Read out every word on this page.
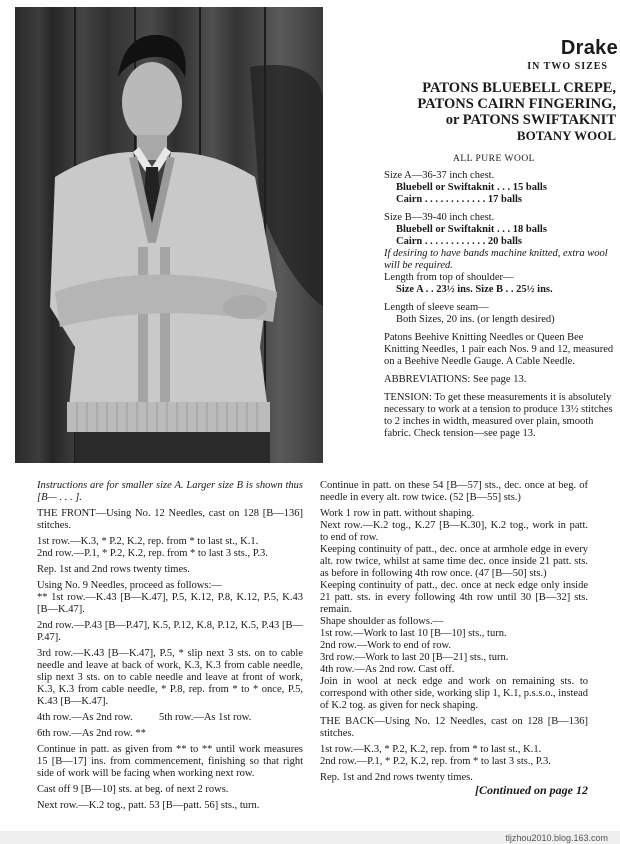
Drake
IN TWO SIZES
PATONS BLUEBELL CREPE,
PATONS CAIRN FINGERING,
or PATONS SWIFTAKNIT
BOTANY WOOL
ALL PURE WOOL

Size A—36-37 inch chest.

Bluebell or Swiftaknit . . . 15 balls

Cairn . . . . . . . . . . . . 17 balls

Size B—39-40 inch chest.

Bluebell or Swiftaknit . . . 18 balls

Cairn . . . . . . . . . . . . 20 balls

If desiring to have bands machine knitted, extra wool will be required.

Length from top of shoulder—

Size A . . 23½ ins. Size B . . 25½ ins.

Length of sleeve seam—

Both Sizes, 20 ins. (or length desired)

Patons Beehive Knitting Needles or Queen Bee Knitting Needles, 1 pair each Nos. 9 and 12, measured on a Beehive Needle Gauge. A Cable Needle.

ABBREVIATIONS: See page 13.

TENSION: To get these measurements it is absolutely necessary to work at a tension to produce 13½ stitches to 2 inches in width, measured over plain, smooth fabric. Check tension—see page 13.

Instructions are for smaller size A. Larger size B is shown thus [B— . . . ].

THE FRONT—Using No. 12 Needles, cast on 128 [B—136] stitches.

1st row.—K.3, * P.2, K.2, rep. from * to last st., K.1.

2nd row.—P.1, * P.2, K.2, rep. from * to last 3 sts., P.3.

Rep. 1st and 2nd rows twenty times.

Using No. 9 Needles, proceed as follows:—

** 1st row.—K.43 [B—K.47], P.5, K.12, P.8, K.12, P.5, K.43 [B—K.47].

2nd row.—P.43 [B—P.47], K.5, P.12, K.8, P.12, K.5, P.43 [B—P.47].

3rd row.—K.43 [B—K.47], P.5, * slip next 3 sts. on to cable needle and leave at back of work, K.3, K.3 from cable needle, slip next 3 sts. on to cable needle and leave at front of work, K.3, K.3 from cable needle, * P.8, rep. from * to * once, P.5, K.43 [B—K.47].

4th row.—As 2nd row.          5th row.—As 1st row.

6th row.—As 2nd row. **

Continue in patt. as given from ** to ** until work measures 15 [B—17] ins. from commencement, finishing so that right side of work will be facing when working next row.

Cast off 9 [B—10] sts. at beg. of next 2 rows.

Next row.—K.2 tog., patt. 53 [B—patt. 56] sts., turn.

Continue in patt. on these 54 [B—57] sts., dec. once at beg. of needle in every alt. row twice. (52 [B—55] sts.)

Work 1 row in patt. without shaping.

Next row.—K.2 tog., K.27 [B—K.30], K.2 tog., work in patt. to end of row.

Keeping continuity of patt., dec. once at armhole edge in every alt. row twice, whilst at same time dec. once inside 21 patt. sts. as before in following 4th row once. (47 [B—50] sts.)

Keeping continuity of patt., dec. once at neck edge only inside 21 patt. sts. in every following 4th row until 30 [B—32] sts. remain.

Shape shoulder as follows.—

1st row.—Work to last 10 [B—10] sts., turn.

2nd row.—Work to end of row.

3rd row.—Work to last 20 [B—21] sts., turn.

4th row.—As 2nd row. Cast off.

Join in wool at neck edge and work on remaining sts. to correspond with other side, working slip 1, K.1, p.s.s.o., instead of K.2 tog. as given for neck shaping.

THE BACK—Using No. 12 Needles, cast on 128 [B—136] stitches.

1st row.—K.3, * P.2, K.2, rep. from * to last st., K.1.

2nd row.—P.1, * P.2, K.2, rep. from * to last 3 sts., P.3.

Rep. 1st and 2nd rows twenty times.

[Continued on page 12

tljzhou2010.blog.163.com
